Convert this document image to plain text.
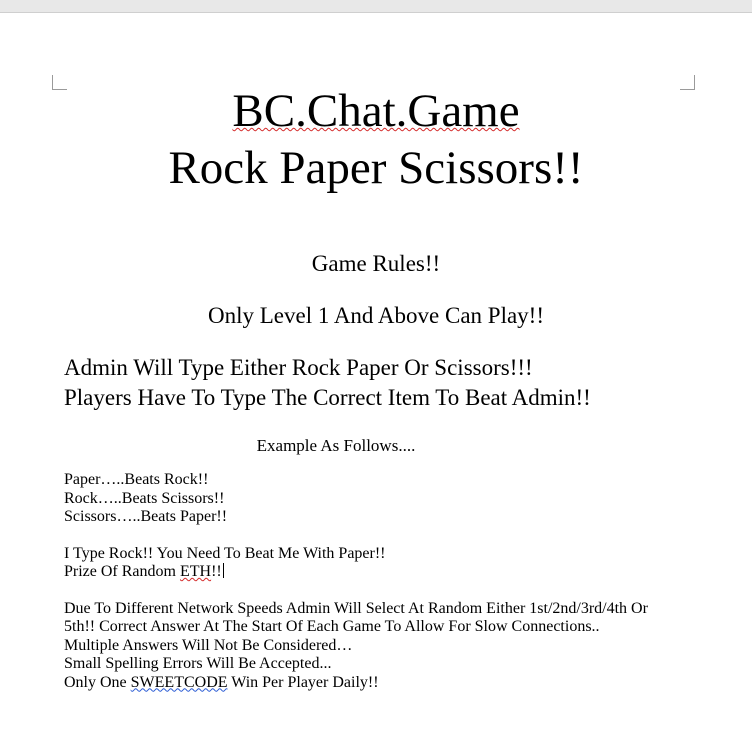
BC.Chat.Game
Rock Paper Scissors!!
Game Rules!!
Only Level 1 And Above Can Play!!
Admin Will Type Either Rock Paper Or Scissors!!!
Players Have To Type The Correct Item To Beat Admin!!
Example As Follows....
Paper…..Beats Rock!!
Rock…..Beats Scissors!!
Scissors…..Beats Paper!!
I Type Rock!! You Need To Beat Me With Paper!!
Prize Of Random ETH!!
Due To Different Network Speeds Admin Will Select At Random Either 1st/2nd/3rd/4th Or
5th!! Correct Answer At The Start Of Each Game To Allow For Slow Connections..
Multiple Answers Will Not Be Considered…
Small Spelling Errors Will Be Accepted...
Only One SWEETCODE Win Per Player Daily!!
